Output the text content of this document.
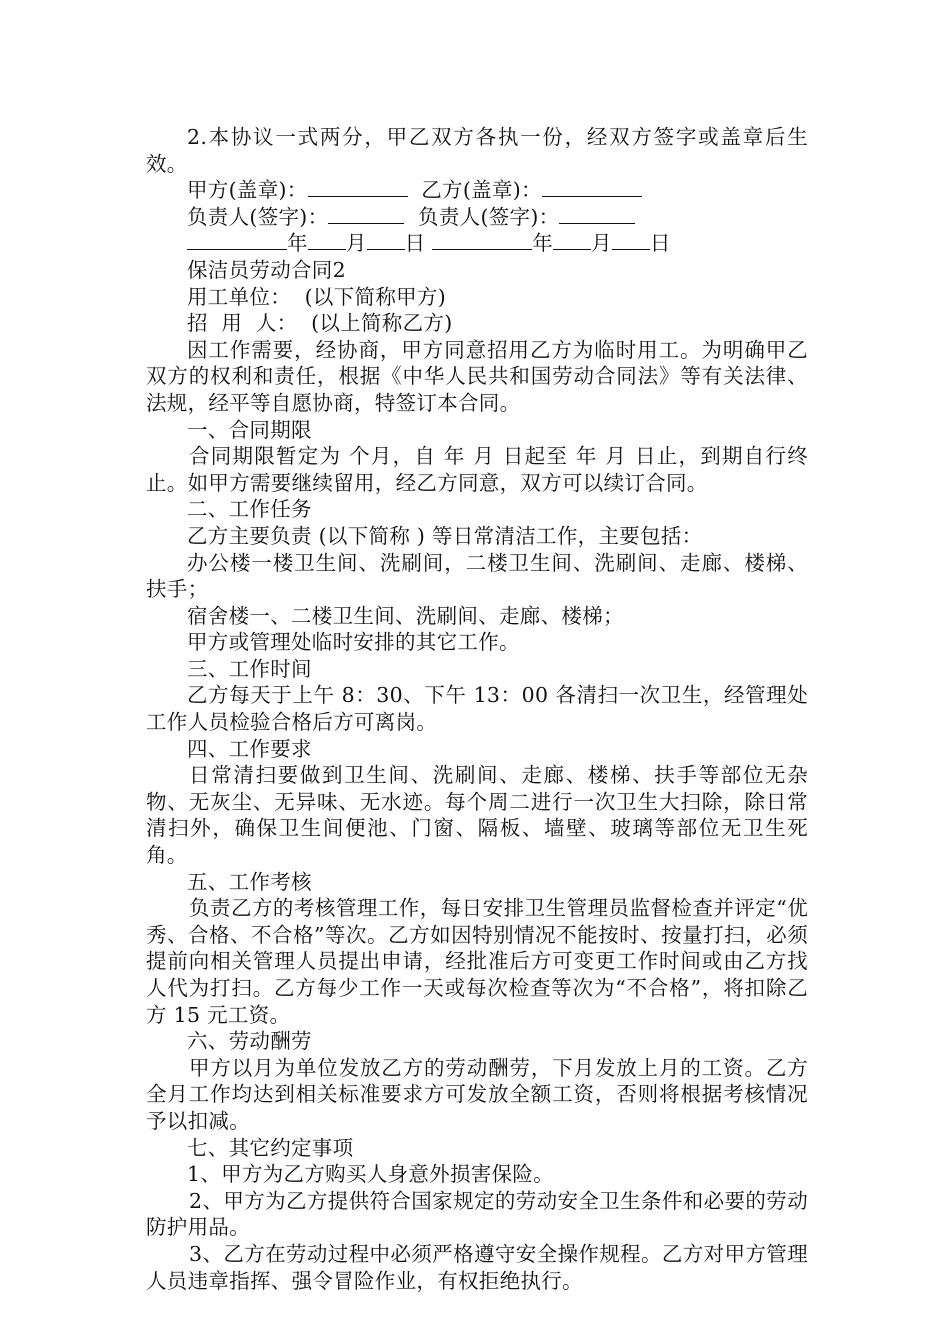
2.本协议一式两分，甲乙双方各执一份，经双方签字或盖章后生效。

甲方(盖章)：	乙方(盖章)：

负责人(签字)：	负责人(签字)：

年 月 日	年 月 日

保洁员劳动合同2

用工单位：  (以下简称甲方)

招  用  人：  (以上简称乙方)

因工作需要，经协商，甲方同意招用乙方为临时用工。为明确甲乙双方的权利和责任，根据《中华人民共和国劳动合同法》等有关法律、法规，经平等自愿协商，特签订本合同。

一、合同期限

合同期限暂定为 个月，自 年 月 日起至 年 月 日止，到期自行终止。如甲方需要继续留用，经乙方同意，双方可以续订合同。

二、工作任务

乙方主要负责 (以下简称 ) 等日常清洁工作，主要包括：

办公楼一楼卫生间、洗刷间，二楼卫生间、洗刷间、走廊、楼梯、扶手；

宿舍楼一、二楼卫生间、洗刷间、走廊、楼梯；

甲方或管理处临时安排的其它工作。

三、工作时间

乙方每天于上午 8：30、下午 13：00 各清扫一次卫生，经管理处工作人员检验合格后方可离岗。

四、工作要求

日常清扫要做到卫生间、洗刷间、走廊、楼梯、扶手等部位无杂物、无灰尘、无异味、无水迹。每个周二进行一次卫生大扫除，除日常清扫外，确保卫生间便池、门窗、隔板、墙壁、玻璃等部位无卫生死角。

五、工作考核

负责乙方的考核管理工作，每日安排卫生管理员监督检查并评定“优秀、合格、不合格”等次。乙方如因特别情况不能按时、按量打扫，必须提前向相关管理人员提出申请，经批准后方可变更工作时间或由乙方找人代为打扫。乙方每少工作一天或每次检查等次为“不合格”，将扣除乙方 15 元工资。

六、劳动酬劳

甲方以月为单位发放乙方的劳动酬劳，下月发放上月的工资。乙方全月工作均达到相关标准要求方可发放全额工资，否则将根据考核情况予以扣减。

七、其它约定事项

1、甲方为乙方购买人身意外损害保险。

2、甲方为乙方提供符合国家规定的劳动安全卫生条件和必要的劳动防护用品。

3、乙方在劳动过程中必须严格遵守安全操作规程。乙方对甲方管理人员违章指挥、强令冒险作业，有权拒绝执行。
